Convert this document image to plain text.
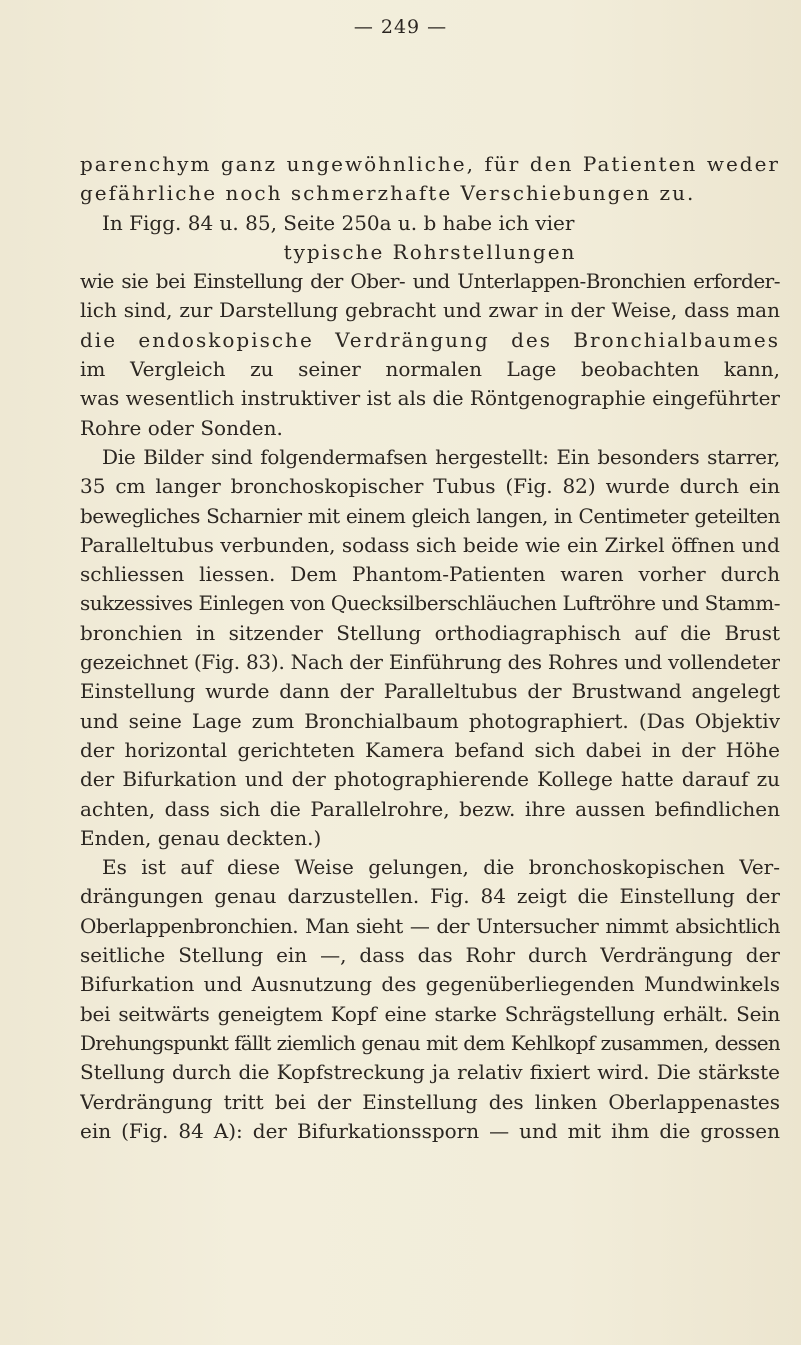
— 249 —
parenchym ganz ungewöhnliche, für den Patienten weder
gefährliche noch schmerzhafte Verschiebungen zu.
In Figg. 84 u. 85, Seite 250a u. b habe ich vier
typische Rohrstellungen
wie sie bei Einstellung der Ober- und Unterlappen-Bronchien erforder-
lich sind, zur Darstellung gebracht und zwar in der Weise, dass man
die endoskopische Verdrängung des Bronchialbaumes
im Vergleich zu seiner normalen Lage beobachten kann,
was wesentlich instruktiver ist als die Röntgenographie eingeführter
Rohre oder Sonden.
Die Bilder sind folgendermafsen hergestellt: Ein besonders starrer,
35 cm langer bronchoskopischer Tubus (Fig. 82) wurde durch ein
bewegliches Scharnier mit einem gleich langen, in Centimeter geteilten
Paralleltubus verbunden, sodass sich beide wie ein Zirkel öffnen und
schliessen liessen. Dem Phantom-Patienten waren vorher durch
sukzessives Einlegen von Quecksilberschläuchen Luftröhre und Stamm-
bronchien in sitzender Stellung orthodiagraphisch auf die Brust
gezeichnet (Fig. 83). Nach der Einführung des Rohres und vollendeter
Einstellung wurde dann der Paralleltubus der Brustwand angelegt
und seine Lage zum Bronchialbaum photographiert. (Das Objektiv
der horizontal gerichteten Kamera befand sich dabei in der Höhe
der Bifurkation und der photographierende Kollege hatte darauf zu
achten, dass sich die Parallelrohre, bezw. ihre aussen befindlichen
Enden, genau deckten.)
Es ist auf diese Weise gelungen, die bronchoskopischen Ver-
drängungen genau darzustellen. Fig. 84 zeigt die Einstellung der
Oberlappenbronchien. Man sieht — der Untersucher nimmt absichtlich
seitliche Stellung ein —, dass das Rohr durch Verdrängung der
Bifurkation und Ausnutzung des gegenüberliegenden Mundwinkels
bei seitwärts geneigtem Kopf eine starke Schrägstellung erhält. Sein
Drehungspunkt fällt ziemlich genau mit dem Kehlkopf zusammen, dessen
Stellung durch die Kopfstreckung ja relativ fixiert wird. Die stärkste
Verdrängung tritt bei der Einstellung des linken Oberlappenastes
ein (Fig. 84 A): der Bifurkationssporn — und mit ihm die grossen
